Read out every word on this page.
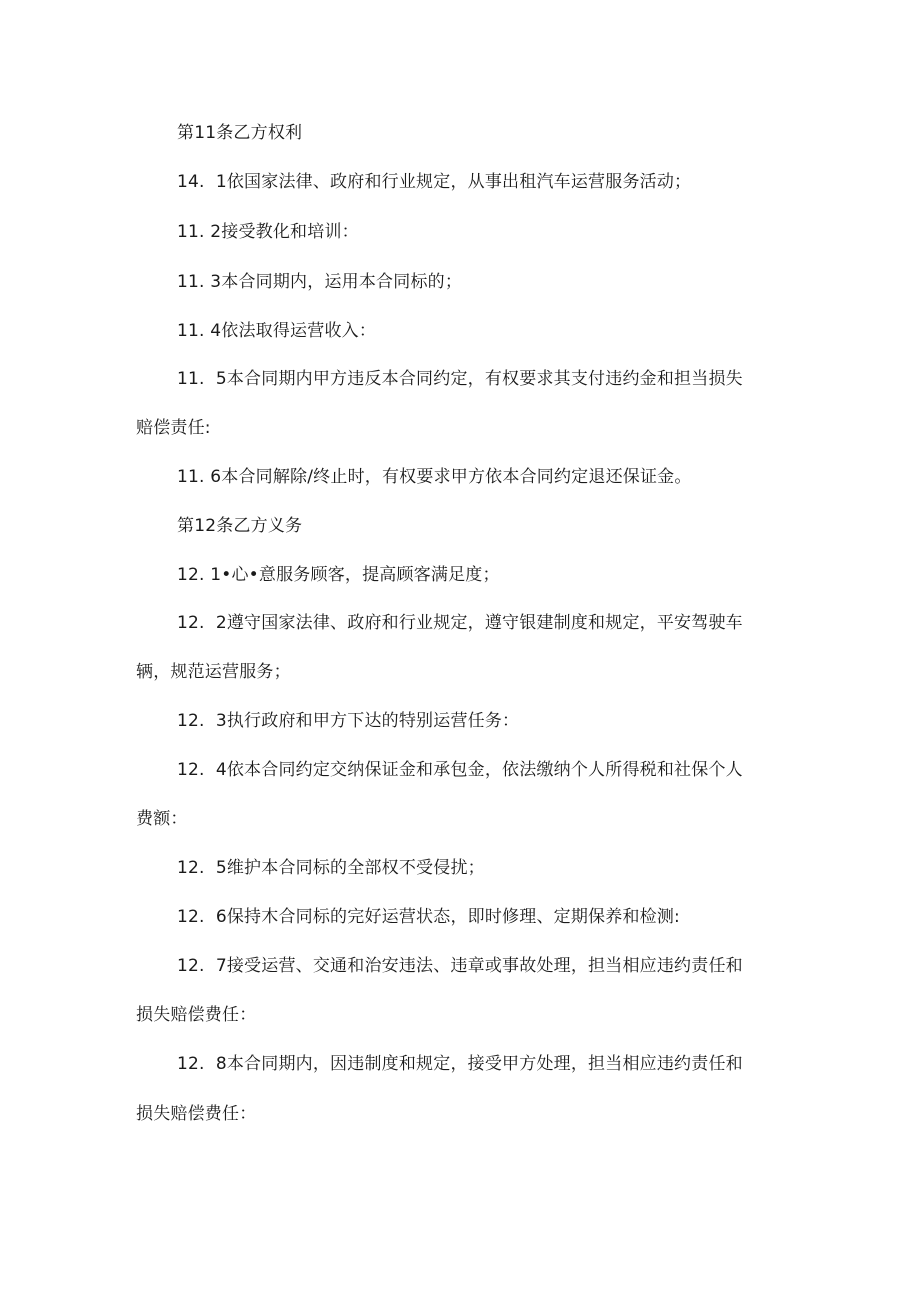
第11条乙方权利
14.  1依国家法律、政府和行业规定，从事出租汽车运营服务活动；
11. 2接受教化和培训：
11. 3本合同期内，运用本合同标的；
11. 4依法取得运营收入：
11.  5本合同期内甲方违反本合同约定，有权要求其支付违约金和担当损失
赔偿责任:
11. 6本合同解除/终止时，有权要求甲方依本合同约定退还保证金。
第12条乙方义务
12. 1•心•意服务顾客，提高顾客满足度；
12.  2遵守国家法律、政府和行业规定，遵守银建制度和规定，平安驾驶车
辆，规范运营服务；
12.  3执行政府和甲方下达的特别运营任务：
12.  4依本合同约定交纳保证金和承包金，依法缴纳个人所得税和社保个人
费额：
12.  5维护本合同标的全部权不受侵扰；
12.  6保持木合同标的完好运营状态，即时修理、定期保养和检测:
12.  7接受运营、交通和治安违法、违章或事故处理，担当相应违约责任和
损失赔偿费任：
12.  8本合同期内，因违制度和规定，接受甲方处理，担当相应违约责任和
损失赔偿费任：
